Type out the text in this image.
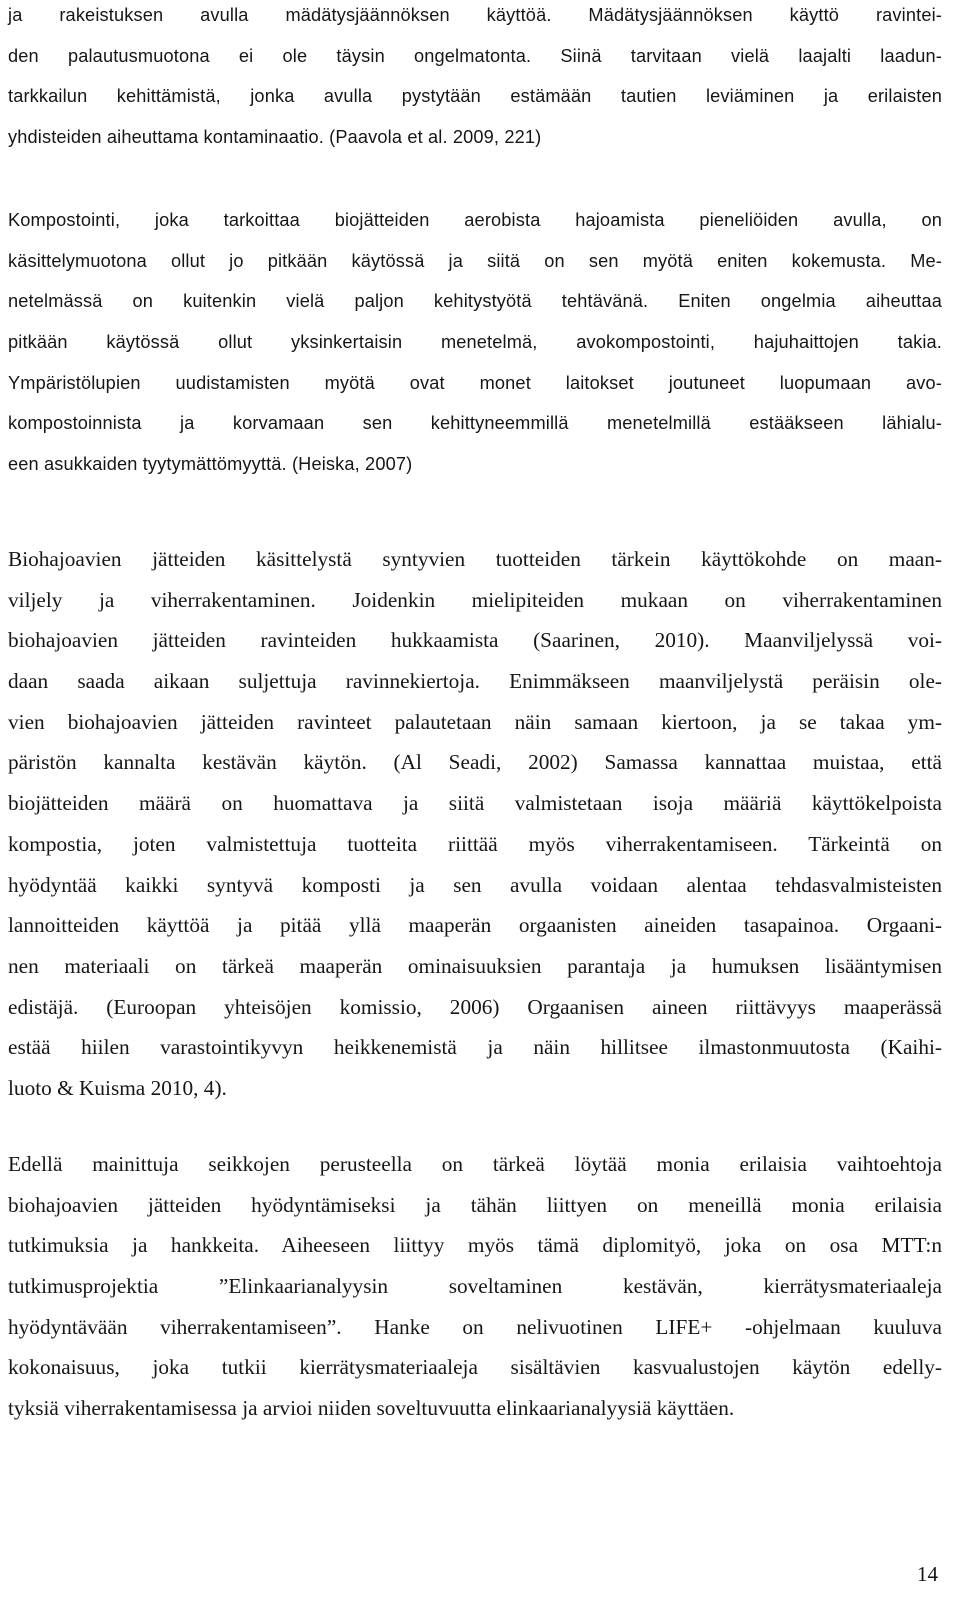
ja rakeistuksen avulla mädätysjäännöksen käyttöä. Mädätysjäännöksen käyttö ravintei-
den palautusmuotona ei ole täysin ongelmatonta. Siinä tarvitaan vielä laajalti laadun-
tarkkailun kehittämistä, jonka avulla pystytään estämään tautien leviäminen ja erilaisten
yhdisteiden aiheuttama kontaminaatio. (Paavola et al. 2009, 221)
Kompostointi, joka tarkoittaa biojätteiden aerobista hajoamista pieneliöiden avulla, on
käsittelymuotona ollut jo pitkään käytössä ja siitä on sen myötä eniten kokemusta. Me-
netelmässä on kuitenkin vielä paljon kehitystyötä tehtävänä. Eniten ongelmia aiheuttaa
pitkään käytössä ollut yksinkertaisin menetelmä, avokompostointi, hajuhaittojen takia.
Ympäristölupien uudistamisten myötä ovat monet laitokset joutuneet luopumaan avo-
kompostoinnista ja korvamaan sen kehittyneemmillä menetelmillä estääkseen lähialu-
een asukkaiden tyytymättömyyttä. (Heiska, 2007)
Biohajoavien jätteiden käsittelystä syntyvien tuotteiden tärkein käyttökohde on maan-
viljely ja viherrakentaminen. Joidenkin mielipiteiden mukaan on viherrakentaminen
biohajoavien jätteiden ravinteiden hukkaamista (Saarinen, 2010). Maanviljelyssä voi-
daan saada aikaan suljettuja ravinnekiertoja. Enimmäkseen maanviljelystä peräisin ole-
vien biohajoavien jätteiden ravinteet palautetaan näin samaan kiertoon, ja se takaa ym-
päristön kannalta kestävän käytön. (Al Seadi, 2002) Samassa kannattaa muistaa, että
biojätteiden määrä on huomattava ja siitä valmistetaan isoja määriä käyttökelpoista
kompostia, joten valmistettuja tuotteita riittää myös viherrakentamiseen. Tärkeintä on
hyödyntää kaikki syntyvä komposti ja sen avulla voidaan alentaa tehdasvalmisteisten
lannoitteiden käyttöä ja pitää yllä maaperän orgaanisten aineiden tasapainoa. Orgaani-
nen materiaali on tärkeä maaperän ominaisuuksien parantaja ja humuksen lisääntymisen
edistäjä. (Euroopan yhteisöjen komissio, 2006) Orgaanisen aineen riittävyys maaperässä
estää hiilen varastointikyvyn heikkenemistä ja näin hillitsee ilmastonmuutosta (Kaihi-
luoto & Kuisma 2010, 4).
Edellä mainittuja seikkojen perusteella on tärkeä löytää monia erilaisia vaihtoehtoja
biohajoavien jätteiden hyödyntämiseksi ja tähän liittyen on meneillä monia erilaisia
tutkimuksia ja hankkeita. Aiheeseen liittyy myös tämä diplomityö, joka on osa MTT:n
tutkimusprojektia ”Elinkaarianalyysin soveltaminen kestävän, kierrätysmateriaaleja
hyödyntävään viherrakentamiseen”. Hanke on nelivuotinen LIFE+ -ohjelmaan kuuluva
kokonaisuus, joka tutkii kierrätysmateriaaleja sisältävien kasvualustojen käytön edelly-
tyksiä viherrakentamisessa ja arvioi niiden soveltuvuutta elinkaarianalyysiä käyttäen.
14
